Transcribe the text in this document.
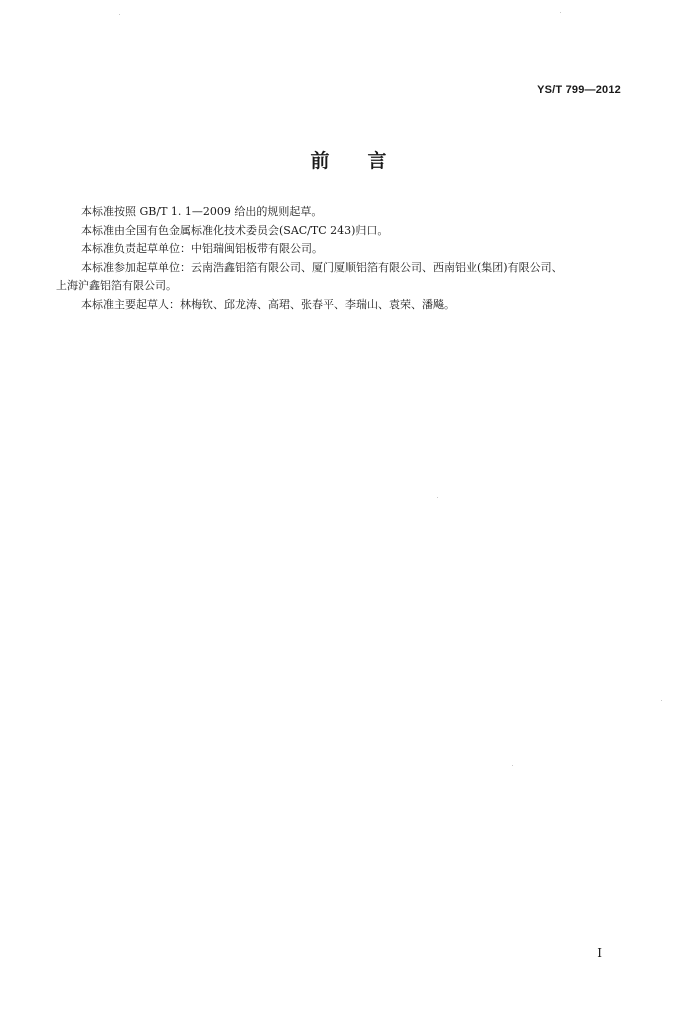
YS/T 799—2012
前言

本标准按照 GB/T 1. 1—2009 给出的规则起草。

本标准由全国有色金属标准化技术委员会(SAC/TC 243)归口。

本标准负责起草单位：中铝瑞闽铝板带有限公司。

本标准参加起草单位：云南浩鑫铝箔有限公司、厦门厦顺铝箔有限公司、西南铝业(集团)有限公司、

上海沪鑫铝箔有限公司。

本标准主要起草人：林梅钦、邱龙涛、高珺、张春平、李瑞山、袁荣、潘飚。

I
